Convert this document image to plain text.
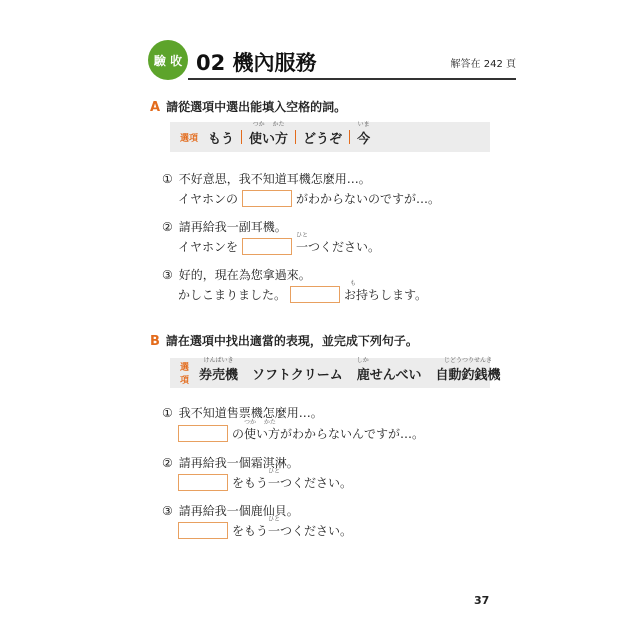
驗 收 02 機內服務	解答在 242 頁
A 請從選項中選出能填入空格的詞。
選項 もう
つか　 かた
使い方 どうぞ
いま
今
① 不好意思，我不知道耳機怎麼用…。
イヤホンの	がわからないのですが…。
② 請再給我一副耳機。
イヤホンを
ひと
一つください。
③ 好的，現在為您拿過來。
かしこまりました。
も
お持ちします。
B 請在選項中找出適當的表現，並完成下列句子。
選項
けんばいき
券売機 ソフトクリーム
しか
鹿せんべい
じどうつりせんき
自動釣銭機
① 我不知道售票機怎麼用…。
つか　 かた
の使い方がわからないんですが…。
② 請再給我一個霜淇淋。
ひと
をもう一つください。
③ 請再給我一個鹿仙貝。
ひと
をもう一つください。
37
